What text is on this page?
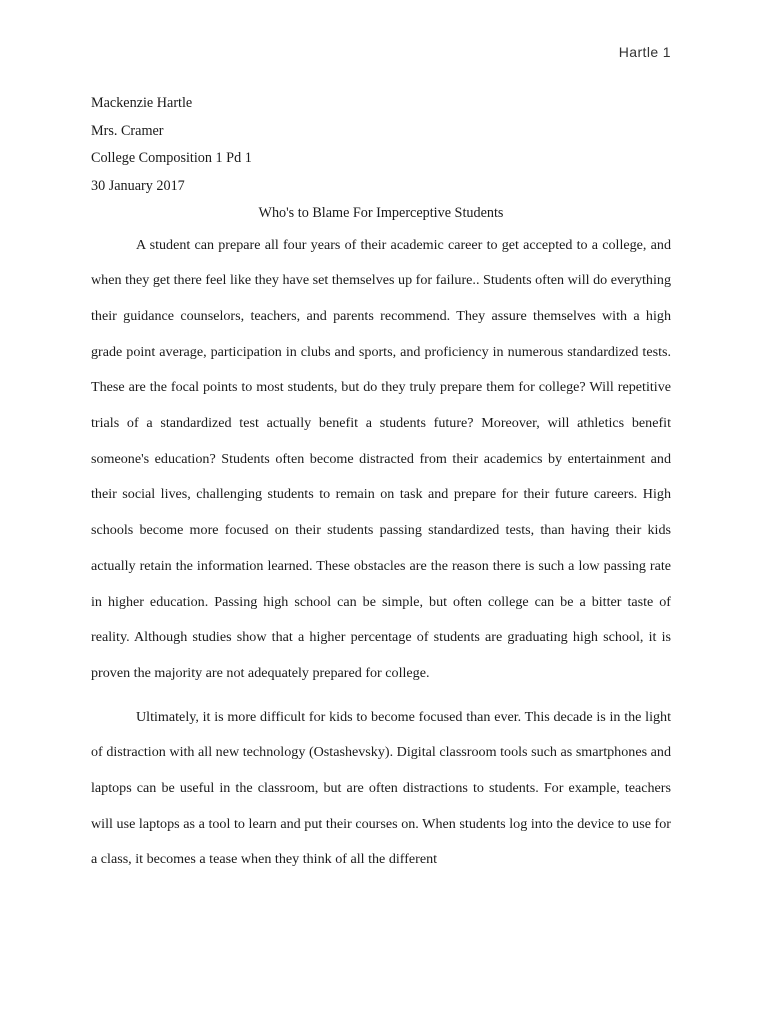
Hartle 1
Mackenzie Hartle
Mrs. Cramer
College Composition 1 Pd 1
30 January 2017
Who's to Blame For Imperceptive Students

A student can prepare all four years of their academic career to get accepted to a college, and when they get there feel like they have set themselves up for failure.. Students often will do everything their guidance counselors, teachers, and parents recommend. They assure themselves with a high grade point average, participation in clubs and sports, and proficiency in numerous standardized tests. These are the focal points to most students, but do they truly prepare them for college? Will repetitive trials of a standardized test actually benefit a students future? Moreover, will athletics benefit someone's education? Students often become distracted from their academics by entertainment and their social lives, challenging students to remain on task and prepare for their future careers. High schools become more focused on their students passing standardized tests, than having their kids actually retain the information learned. These obstacles are the reason there is such a low passing rate in higher education. Passing high school can be simple, but often college can be a bitter taste of reality. Although studies show that a higher percentage of students are graduating high school, it is proven the majority are not adequately prepared for college.

Ultimately, it is more difficult for kids to become focused than ever. This decade is in the light of distraction with all new technology (Ostashevsky). Digital classroom tools such as smartphones and laptops can be useful in the classroom, but are often distractions to students. For example, teachers will use laptops as a tool to learn and put their courses on. When students log into the device to use for a class, it becomes a tease when they think of all the different
